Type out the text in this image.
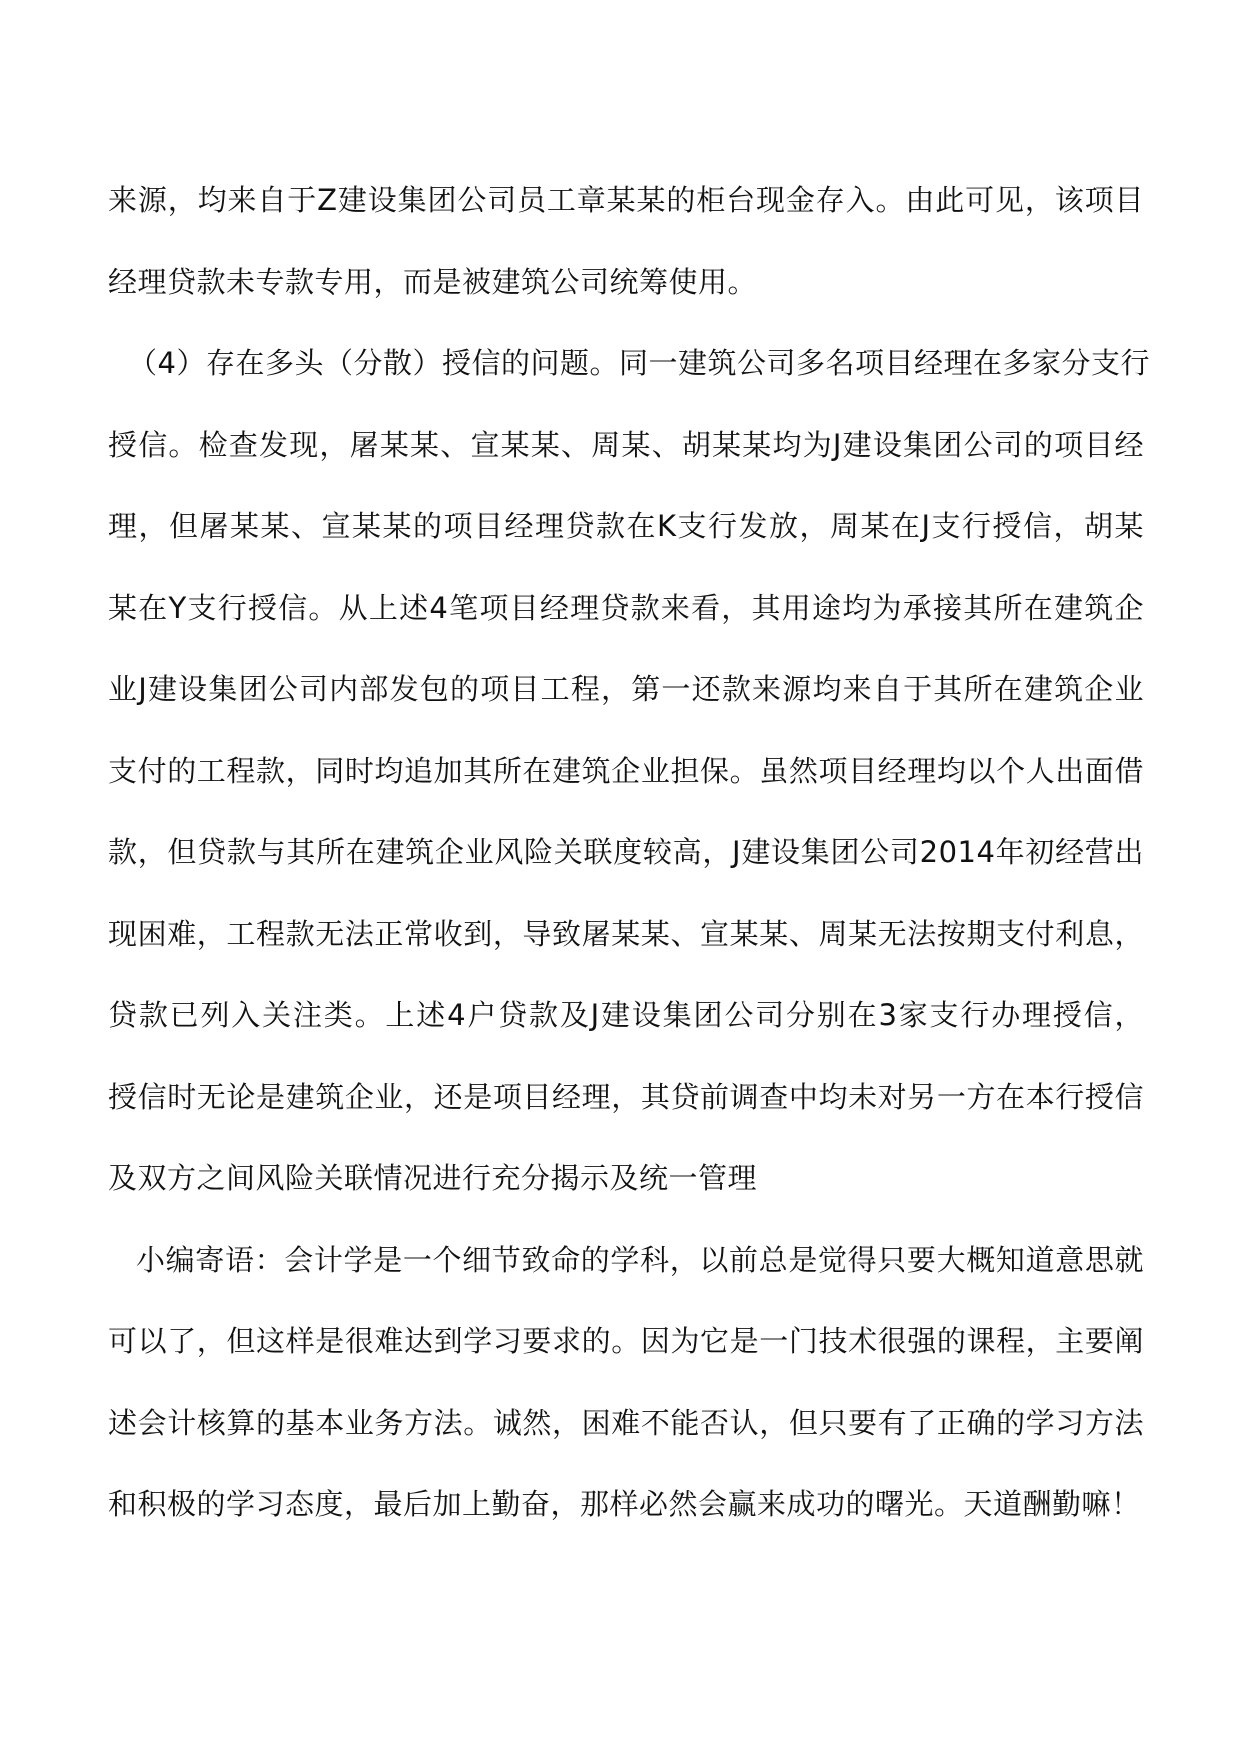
来源，均来自于Z建设集团公司员工章某某的柜台现金存入。由此可见，该项目
经理贷款未专款专用，而是被建筑公司统筹使用。
（4）存在多头（分散）授信的问题。同一建筑公司多名项目经理在多家分支行
授信。检查发现，屠某某、宣某某、周某、胡某某均为J建设集团公司的项目经
理，但屠某某、宣某某的项目经理贷款在K支行发放，周某在J支行授信，胡某
某在Y支行授信。从上述4笔项目经理贷款来看，其用途均为承接其所在建筑企
业J建设集团公司内部发包的项目工程，第一还款来源均来自于其所在建筑企业
支付的工程款，同时均追加其所在建筑企业担保。虽然项目经理均以个人出面借
款，但贷款与其所在建筑企业风险关联度较高，J建设集团公司2014年初经营出
现困难，工程款无法正常收到，导致屠某某、宣某某、周某无法按期支付利息，
贷款已列入关注类。上述4户贷款及J建设集团公司分别在3家支行办理授信，
授信时无论是建筑企业，还是项目经理，其贷前调查中均未对另一方在本行授信
及双方之间风险关联情况进行充分揭示及统一管理
小编寄语：会计学是一个细节致命的学科，以前总是觉得只要大概知道意思就
可以了，但这样是很难达到学习要求的。因为它是一门技术很强的课程，主要阐
述会计核算的基本业务方法。诚然，困难不能否认，但只要有了正确的学习方法
和积极的学习态度，最后加上勤奋，那样必然会赢来成功的曙光。天道酬勤嘛！
